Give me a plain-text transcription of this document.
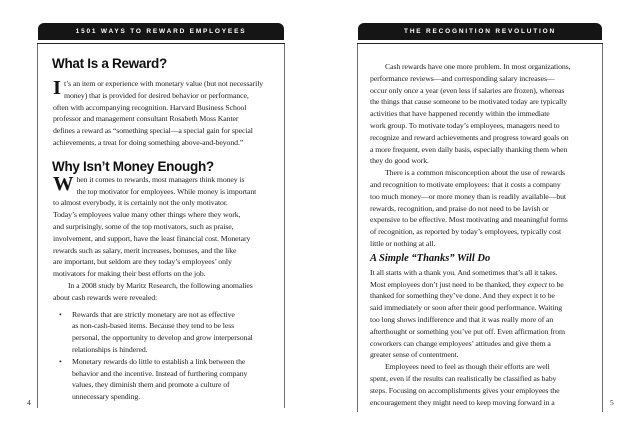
1501 WAYS TO REWARD EMPLOYEES
What Is a Reward?
I t’s an item or experience with monetary value (but not necessarily
money) that is provided for desired behavior or performance,
often with accompanying recognition. Harvard Business School
professor and management consultant Rosabeth Moss Kanter
defines a reward as “something special—a special gain for special
achievements, a treat for doing something above-and-beyond.”
Why Isn’t Money Enough?
W hen it comes to rewards, most managers think money is
the top motivator for employees. While money is important
to almost everybody, it is certainly not the only motivator.
Today’s employees value many other things where they work,
and surprisingly, some of the top motivators, such as praise,
involvement, and support, have the least financial cost. Monetary
rewards such as salary, merit increases, bonuses, and the like
are important, but seldom are they today’s employees’ only
motivators for making their best efforts on the job.
In a 2008 study by Maritz Research, the following anomalies
about cash rewards were revealed:
• Rewards that are strictly monetary are not as effective
as non-cash-based items. Because they tend to be less
personal, the opportunity to develop and grow interpersonal
relationships is hindered.
• Monetary rewards do little to establish a link between the
behavior and the incentive. Instead of furthering company
values, they diminish them and promote a culture of
unnecessary spending.
THE RECOGNITION REVOLUTION
Cash rewards have one more problem. In most organizations,
performance reviews—and corresponding salary increases—
occur only once a year (even less if salaries are frozen), whereas
the things that cause someone to be motivated today are typically
activities that have happened recently within the immediate
work group. To motivate today’s employees, managers need to
recognize and reward achievements and progress toward goals on
a more frequent, even daily basis, especially thanking them when
they do good work.
There is a common misconception about the use of rewards
and recognition to motivate employees: that it costs a company
too much money—or more money than is readily available—but
rewards, recognition, and praise do not need to be lavish or
expensive to be effective. Most motivating and meaningful forms
of recognition, as reported by today’s employees, typically cost
little or nothing at all.
A Simple “Thanks” Will Do
It all starts with a thank you. And sometimes that’s all it takes.
Most employees don’t just need to be thanked, they expect to be
thanked for something they’ve done. And they expect it to be
said immediately or soon after their good performance. Waiting
too long shows indifference and that it was really more of an
afterthought or something you’ve put off. Even affirmation from
coworkers can change employees’ attitudes and give them a
greater sense of contentment.
Employees need to feel as though their efforts are well
spent, even if the results can realistically be classified as baby
steps. Focusing on accomplishments gives your employees the
encouragement they might need to keep moving forward in a
4	5
